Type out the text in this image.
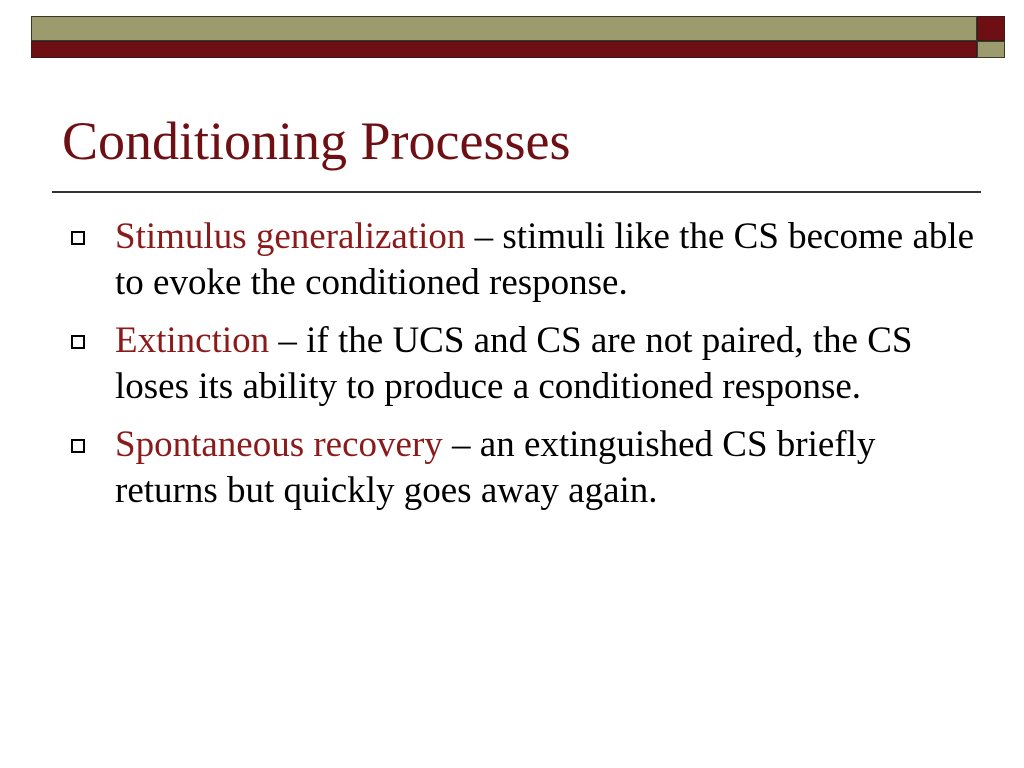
Conditioning Processes
Stimulus generalization – stimuli like the CS become able to evoke the conditioned response.
Extinction – if the UCS and CS are not paired, the CS loses its ability to produce a conditioned response.
Spontaneous recovery – an extinguished CS briefly returns but quickly goes away again.
